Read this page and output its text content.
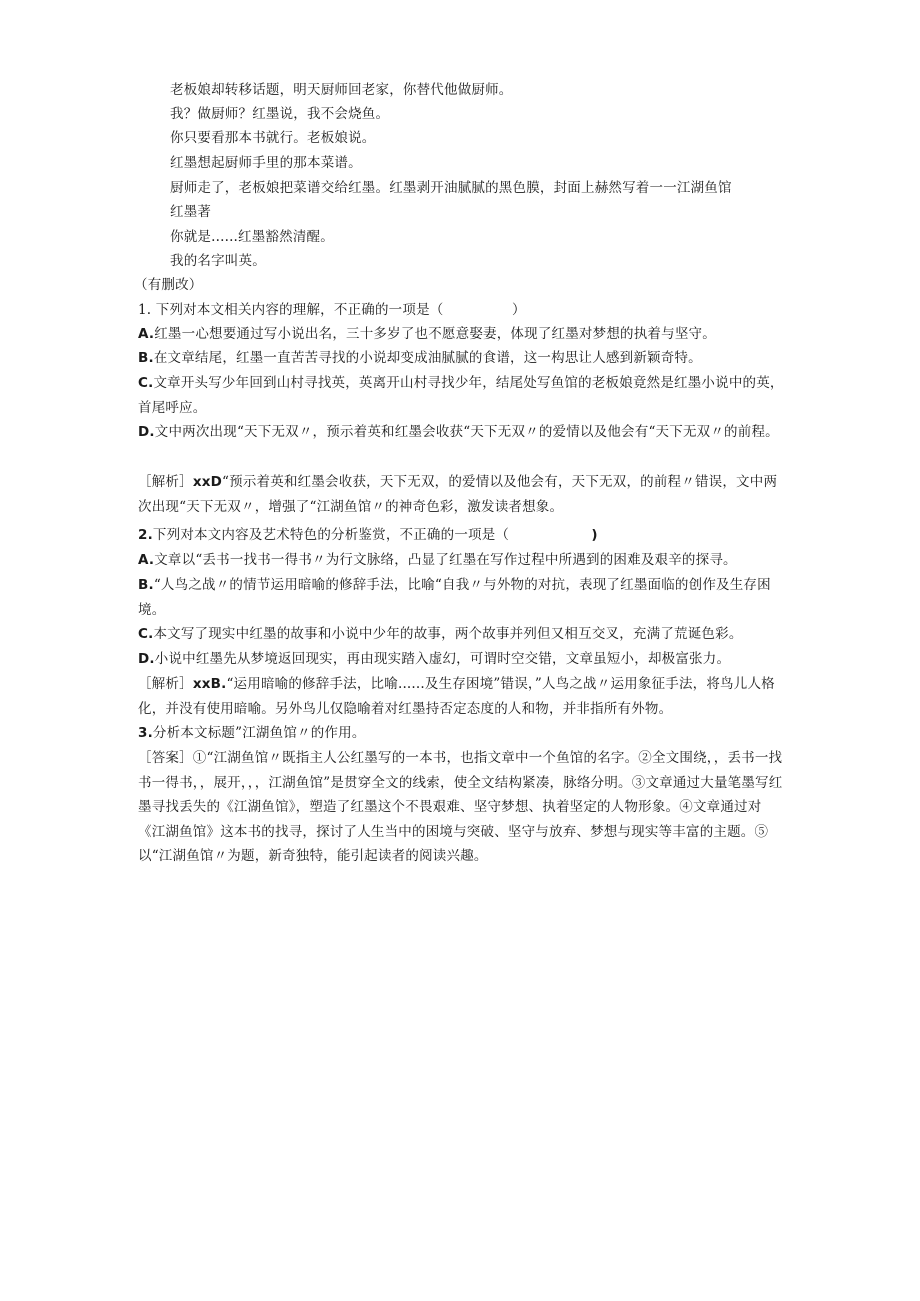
老板娘却转移话题，明天厨师回老家，你替代他做厨师。
我？做厨师？红墨说，我不会烧鱼。
你只要看那本书就行。老板娘说。
红墨想起厨师手里的那本菜谱。
厨师走了，老板娘把菜谱交给红墨。红墨剥开油腻腻的黑色膜，封面上赫然写着一一江湖鱼馆
红墨著
你就是......红墨豁然清醒。
我的名字叫英。
（有删改）
1. 下列对本文相关内容的理解，不正确的一项是（　　　　　）
A.红墨一心想要通过写小说出名，三十多岁了也不愿意娶妻，体现了红墨对梦想的执着与坚守。
B.在文章结尾，红墨一直苦苦寻找的小说却变成油腻腻的食谱，这一构思让人感到新颖奇特。
C.文章开头写少年回到山村寻找英，英离开山村寻找少年，结尾处写鱼馆的老板娘竟然是红墨小说中的英，首尾呼应。
D.文中两次出现“天下无双〃，预示着英和红墨会收获“天下无双〃的爱情以及他会有“天下无双〃的前程。
［解析］xxD“预示着英和红墨会收获，天下无双，的爱情以及他会有，天下无双，的前程〃错误，文中两次出现“天下无双〃，增强了“江湖鱼馆〃的神奇色彩，激发读者想象。
2.下列对本文内容及艺术特色的分析鉴赏，不正确的一项是（　　　　　　)
A.文章以“丢书一找书一得书〃为行文脉络，凸显了红墨在写作过程中所遇到的困难及艰辛的探寻。
B.“人鸟之战〃的情节运用暗喻的修辞手法，比喻“自我〃与外物的对抗，表现了红墨面临的创作及生存困境。
C.本文写了现实中红墨的故事和小说中少年的故事，两个故事并列但又相互交叉，充满了荒诞色彩。
D.小说中红墨先从梦境返回现实，再由现实踏入虚幻，可谓时空交错，文章虽短小，却极富张力。
［解析］xxB.“运用暗喻的修辞手法，比喻......及生存困境”错误，”人鸟之战〃运用象征手法，将鸟儿人格化，并没有使用暗喻。另外鸟儿仅隐喻着对红墨持否定态度的人和物，并非指所有外物。
3.分析本文标题”江湖鱼馆〃的作用。
［答案］①“江湖鱼馆〃既指主人公红墨写的一本书，也指文章中一个鱼馆的名字。②全文围绕，，丢书一找书一得书，，展开，，，江湖鱼馆”是贯穿全文的线索，使全文结构紧凑，脉络分明。③文章通过大量笔墨写红墨寻找丢失的《江湖鱼馆》，塑造了红墨这个不畏艰难、坚守梦想、执着坚定的人物形象。④文章通过对《江湖鱼馆》这本书的找寻，探讨了人生当中的困境与突破、坚守与放弃、梦想与现实等丰富的主题。⑤以“江湖鱼馆〃为题，新奇独特，能引起读者的阅读兴趣。
